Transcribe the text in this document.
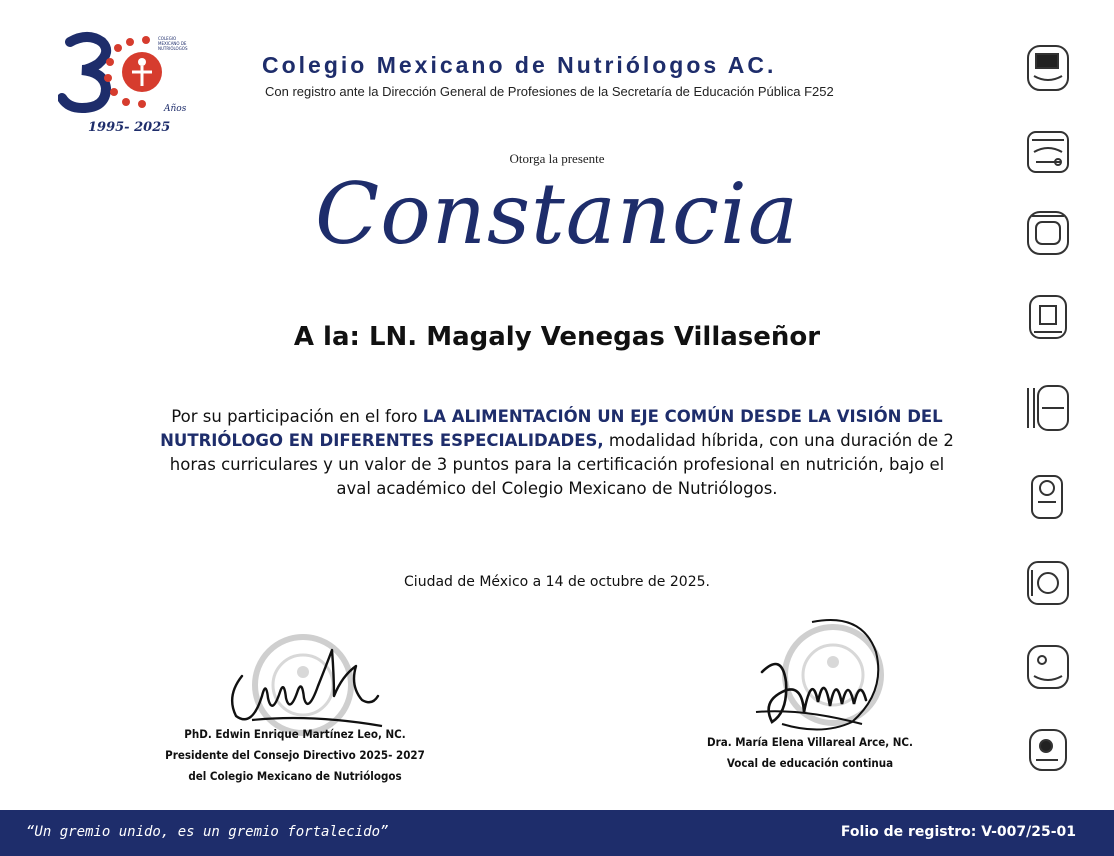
COLEGIO MEXICANO DE NUTRIÓLOGOS
Años
1995- 2025
Colegio Mexicano de Nutriólogos AC.
Con registro ante la Dirección General de Profesiones de la Secretaría de Educación Pública F252
Otorga la presente
Constancia
A la: LN. Magaly Venegas Villaseñor
Por su participación en el foro LA ALIMENTACIÓN UN EJE COMÚN DESDE LA VISIÓN DEL NUTRIÓLOGO EN DIFERENTES ESPECIALIDADES, modalidad híbrida, con una duración de 2 horas curriculares y un valor de 3 puntos para la certificación profesional en nutrición, bajo el aval académico del Colegio Mexicano de Nutriólogos.
Ciudad de México a 14 de octubre de 2025.
PhD. Edwin Enrique Martínez Leo, NC.
Presidente del Consejo Directivo 2025- 2027
del Colegio Mexicano de Nutriólogos
Dra. María Elena Villareal Arce, NC.
Vocal de educación continua
“Un gremio unido, es un gremio fortalecido”	Folio de registro: V-007/25-01
